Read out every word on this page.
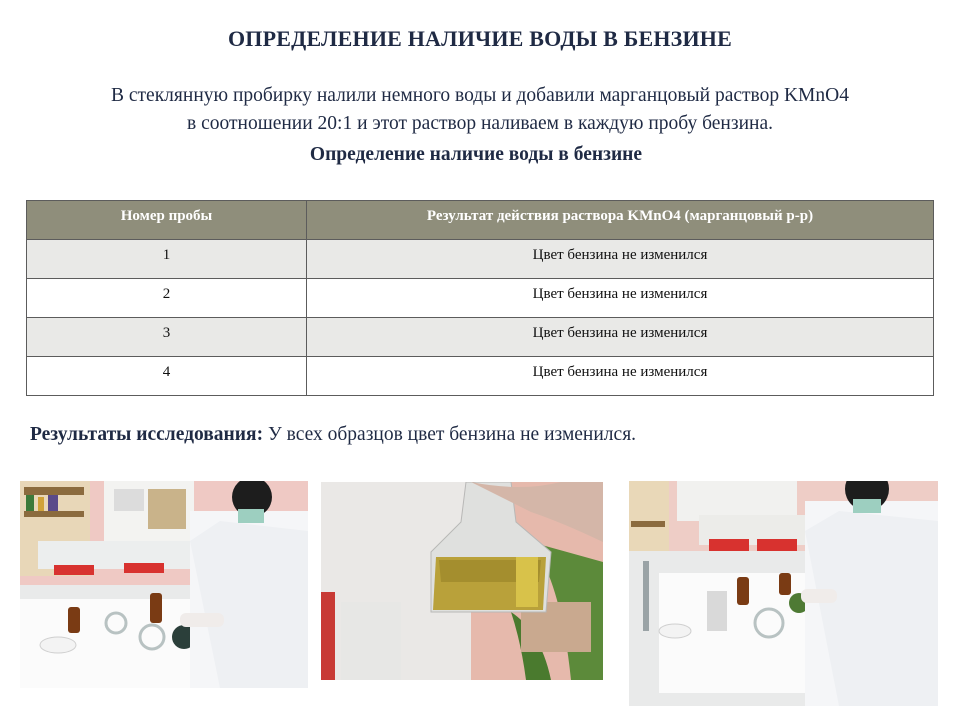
ОПРЕДЕЛЕНИЕ НАЛИЧИЕ ВОДЫ В БЕНЗИНЕ
В стеклянную пробирку налили немного воды и добавили марганцовый раствор KMnO4
в соотношении 20:1 и этот раствор наливаем в каждую пробу бензина.
Определение наличие воды в бензине
Номер пробы	Результат действия раствора KMnO4 (марганцовый р-р)
1	Цвет бензина не изменился
2	Цвет бензина не изменился
3	Цвет бензина не изменился
4	Цвет бензина не изменился
Результаты исследования: У всех образцов цвет бензина не изменился.
